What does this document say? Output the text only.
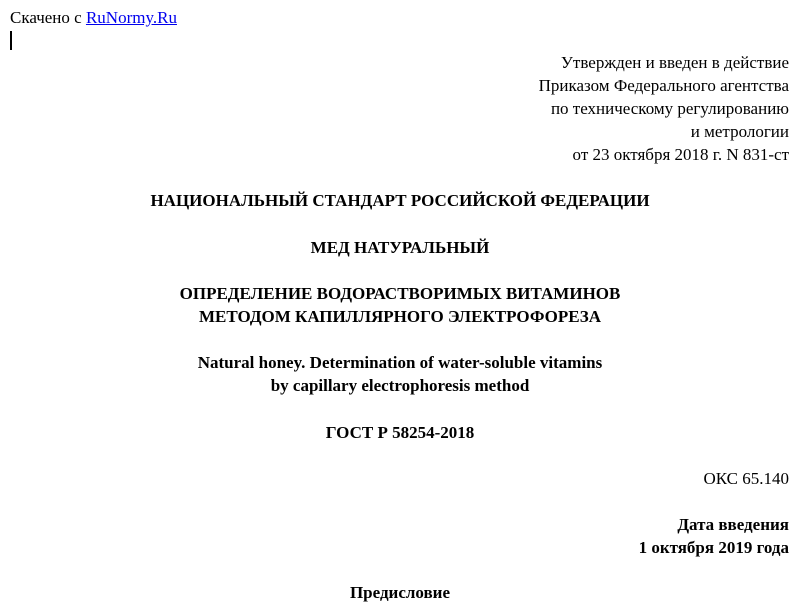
Скачено с RuNormy.Ru
Утвержден и введен в действие
Приказом Федерального агентства
по техническому регулированию
и метрологии
от 23 октября 2018 г. N 831-ст
НАЦИОНАЛЬНЫЙ СТАНДАРТ РОССИЙСКОЙ ФЕДЕРАЦИИ
МЕД НАТУРАЛЬНЫЙ
ОПРЕДЕЛЕНИЕ ВОДОРАСТВОРИМЫХ ВИТАМИНОВ
МЕТОДОМ КАПИЛЛЯРНОГО ЭЛЕКТРОФОРЕЗА
Natural honey. Determination of water-soluble vitamins
by capillary electrophoresis method
ГОСТ Р 58254-2018
ОКС 65.140
Дата введения
1 октября 2019 года
Предисловие
